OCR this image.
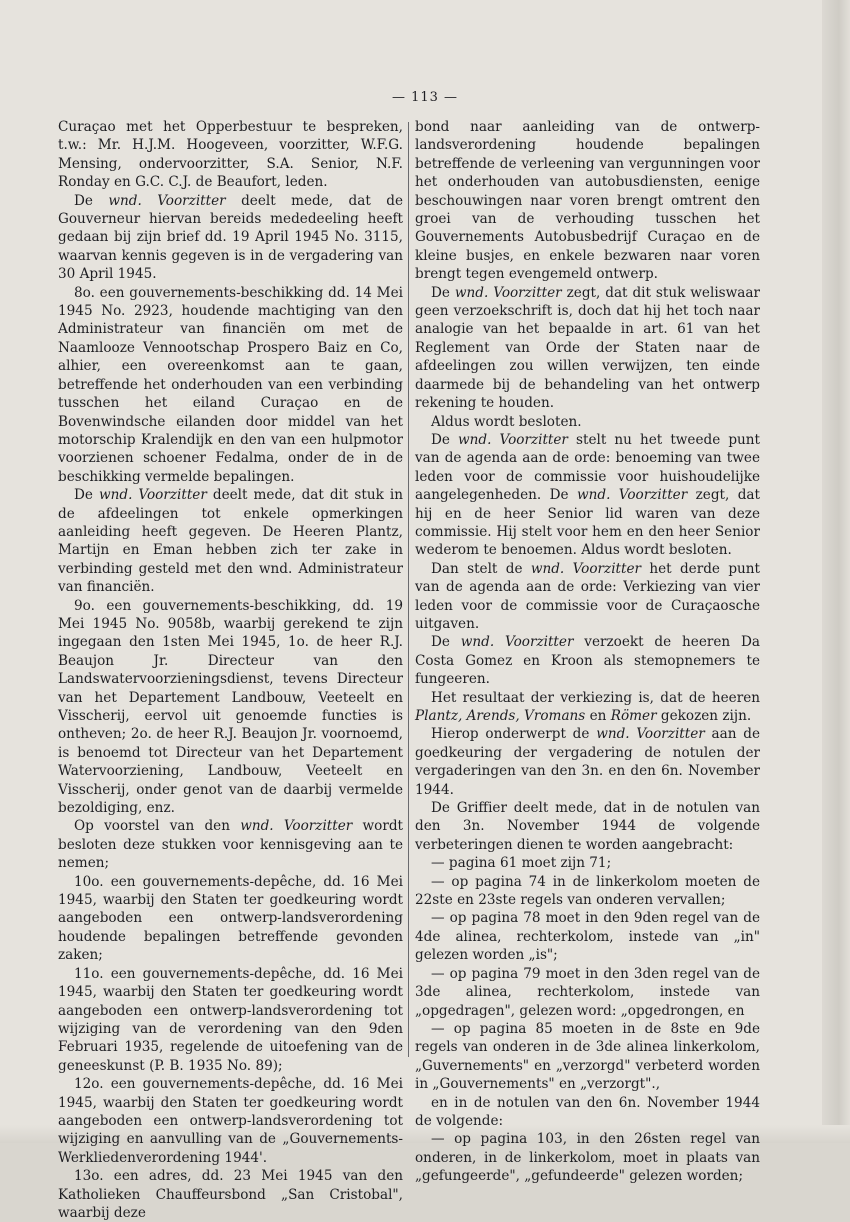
— 113 —

Curaçao met het Opperbestuur te bespreken, t.w.: Mr. H.J.M. Hoogeveen, voorzitter, W.F.G. Mensing, ondervoorzitter, S.A. Senior, N.F. Ronday en G.C. C.J. de Beaufort, leden.

De wnd. Voorzitter deelt mede, dat de Gouverneur hiervan bereids mededeeling heeft gedaan bij zijn brief dd. 19 April 1945 No. 3115, waarvan kennis gegeven is in de vergadering van 30 April 1945.

8o. een gouvernements-beschikking dd. 14 Mei 1945 No. 2923, houdende machtiging van den Administrateur van financiën om met de Naamlooze Vennootschap Prospero Baiz en Co, alhier, een overeenkomst aan te gaan, betreffende het onderhouden van een verbinding tusschen het eiland Curaçao en de Bovenwindsche eilanden door middel van het motorschip Kralendijk en den van een hulpmotor voorzienen schoener Fedalma, onder de in de beschikking vermelde bepalingen.

De wnd. Voorzitter deelt mede, dat dit stuk in de afdeelingen tot enkele opmerkingen aanleiding heeft gegeven. De Heeren Plantz, Martijn en Eman hebben zich ter zake in verbinding gesteld met den wnd. Administrateur van financiën.

9o. een gouvernements-beschikking, dd. 19 Mei 1945 No. 9058b, waarbij gerekend te zijn ingegaan den 1sten Mei 1945, 1o. de heer R.J. Beaujon Jr. Directeur van den Landswatervoorzieningsdienst, tevens Directeur van het Departement Landbouw, Veeteelt en Visscherij, eervol uit genoemde functies is ontheven; 2o. de heer R.J. Beaujon Jr. voornoemd, is benoemd tot Directeur van het Departement Watervoorziening, Landbouw, Veeteelt en Visscherij, onder genot van de daarbij vermelde bezoldiging, enz.

Op voorstel van den wnd. Voorzitter wordt besloten deze stukken voor kennisgeving aan te nemen;

10o. een gouvernements-depêche, dd. 16 Mei 1945, waarbij den Staten ter goedkeuring wordt aangeboden een ontwerp-landsverordening houdende bepalingen betreffende gevonden zaken;

11o. een gouvernements-depêche, dd. 16 Mei 1945, waarbij den Staten ter goedkeuring wordt aangeboden een ontwerp-landsverordening tot wijziging van de verordening van den 9den Februari 1935, regelende de uitoefening van de geneeskunst (P. B. 1935 No. 89);

12o. een gouvernements-depêche, dd. 16 Mei 1945, waarbij den Staten ter goedkeuring wordt aangeboden een ontwerp-landsverordening tot wijziging en aanvulling van de „Gouvernements-Werkliedenverordening 1944'.

13o. een adres, dd. 23 Mei 1945 van den Katholieken Chauffeursbond „San Cristobal", waarbij deze

bond naar aanleiding van de ontwerp-landsverordening houdende bepalingen betreffende de verleening van vergunningen voor het onderhouden van autobusdiensten, eenige beschouwingen naar voren brengt omtrent den groei van de verhouding tusschen het Gouvernements Autobusbedrijf Curaçao en de kleine busjes, en enkele bezwaren naar voren brengt tegen evengemeld ontwerp.

De wnd. Voorzitter zegt, dat dit stuk weliswaar geen verzoekschrift is, doch dat hij het toch naar analogie van het bepaalde in art. 61 van het Reglement van Orde der Staten naar de afdeelingen zou willen verwijzen, ten einde daarmede bij de behandeling van het ontwerp rekening te houden.

Aldus wordt besloten.

De wnd. Voorzitter stelt nu het tweede punt van de agenda aan de orde: benoeming van twee leden voor de commissie voor huishoudelijke aangelegenheden. De wnd. Voorzitter zegt, dat hij en de heer Senior lid waren van deze commissie. Hij stelt voor hem en den heer Senior wederom te benoemen. Aldus wordt besloten.

Dan stelt de wnd. Voorzitter het derde punt van de agenda aan de orde: Verkiezing van vier leden voor de commissie voor de Curaçaosche uitgaven.

De wnd. Voorzitter verzoekt de heeren Da Costa Gomez en Kroon als stemopnemers te fungeeren.

Het resultaat der verkiezing is, dat de heeren Plantz, Arends, Vromans en Römer gekozen zijn.

Hierop onderwerpt de wnd. Voorzitter aan de goedkeuring der vergadering de notulen der vergaderingen van den 3n. en den 6n. November 1944.

De Griffier deelt mede, dat in de notulen van den 3n. November 1944 de volgende verbeteringen dienen te worden aangebracht:

— pagina 61 moet zijn 71;

— op pagina 74 in de linkerkolom moeten de 22ste en 23ste regels van onderen vervallen;

— op pagina 78 moet in den 9den regel van de 4de alinea, rechterkolom, instede van „in" gelezen worden „is";

— op pagina 79 moet in den 3den regel van de 3de alinea, rechterkolom, instede van „opgedragen", gelezen word: „opgedrongen, en

— op pagina 85 moeten in de 8ste en 9de regels van onderen in de 3de alinea linkerkolom, „Guvernements" en „verzorgd" verbeterd worden in „Gouvernements" en „verzorgt".,

en in de notulen van den 6n. November 1944 de volgende:

— op pagina 103, in den 26sten regel van onderen, in de linkerkolom, moet in plaats van „gefungeerde", „gefundeerde" gelezen worden;
